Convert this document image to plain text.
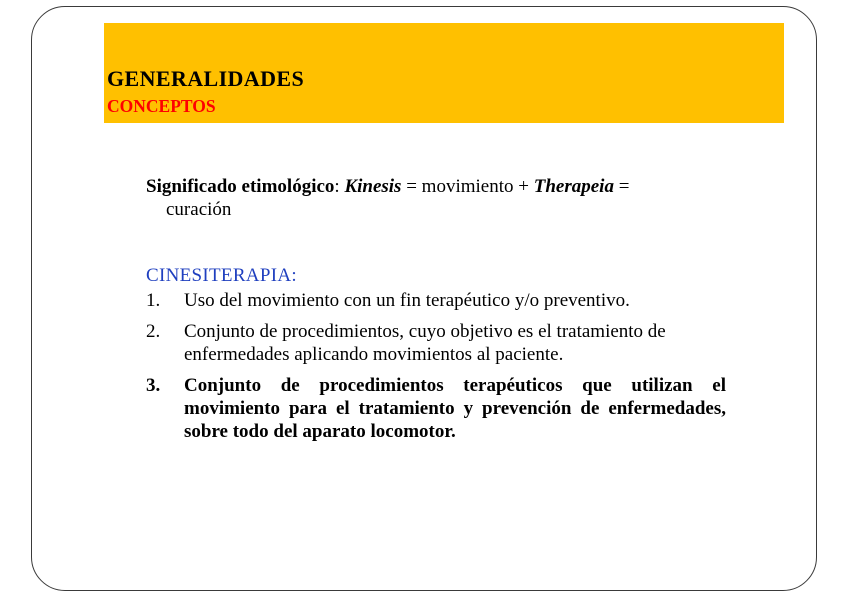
GENERALIDADES
CONCEPTOS
Significado etimológico: Kinesis = movimiento + Therapeia =
curación
CINESITERAPIA:
1.	Uso del movimiento con un fin terapéutico y/o preventivo.
2.	Conjunto de procedimientos, cuyo objetivo es el tratamiento de enfermedades aplicando movimientos al paciente.
3.	Conjunto de procedimientos terapéuticos que utilizan el movimiento para el tratamiento y prevención de enfermedades, sobre todo del aparato locomotor.
